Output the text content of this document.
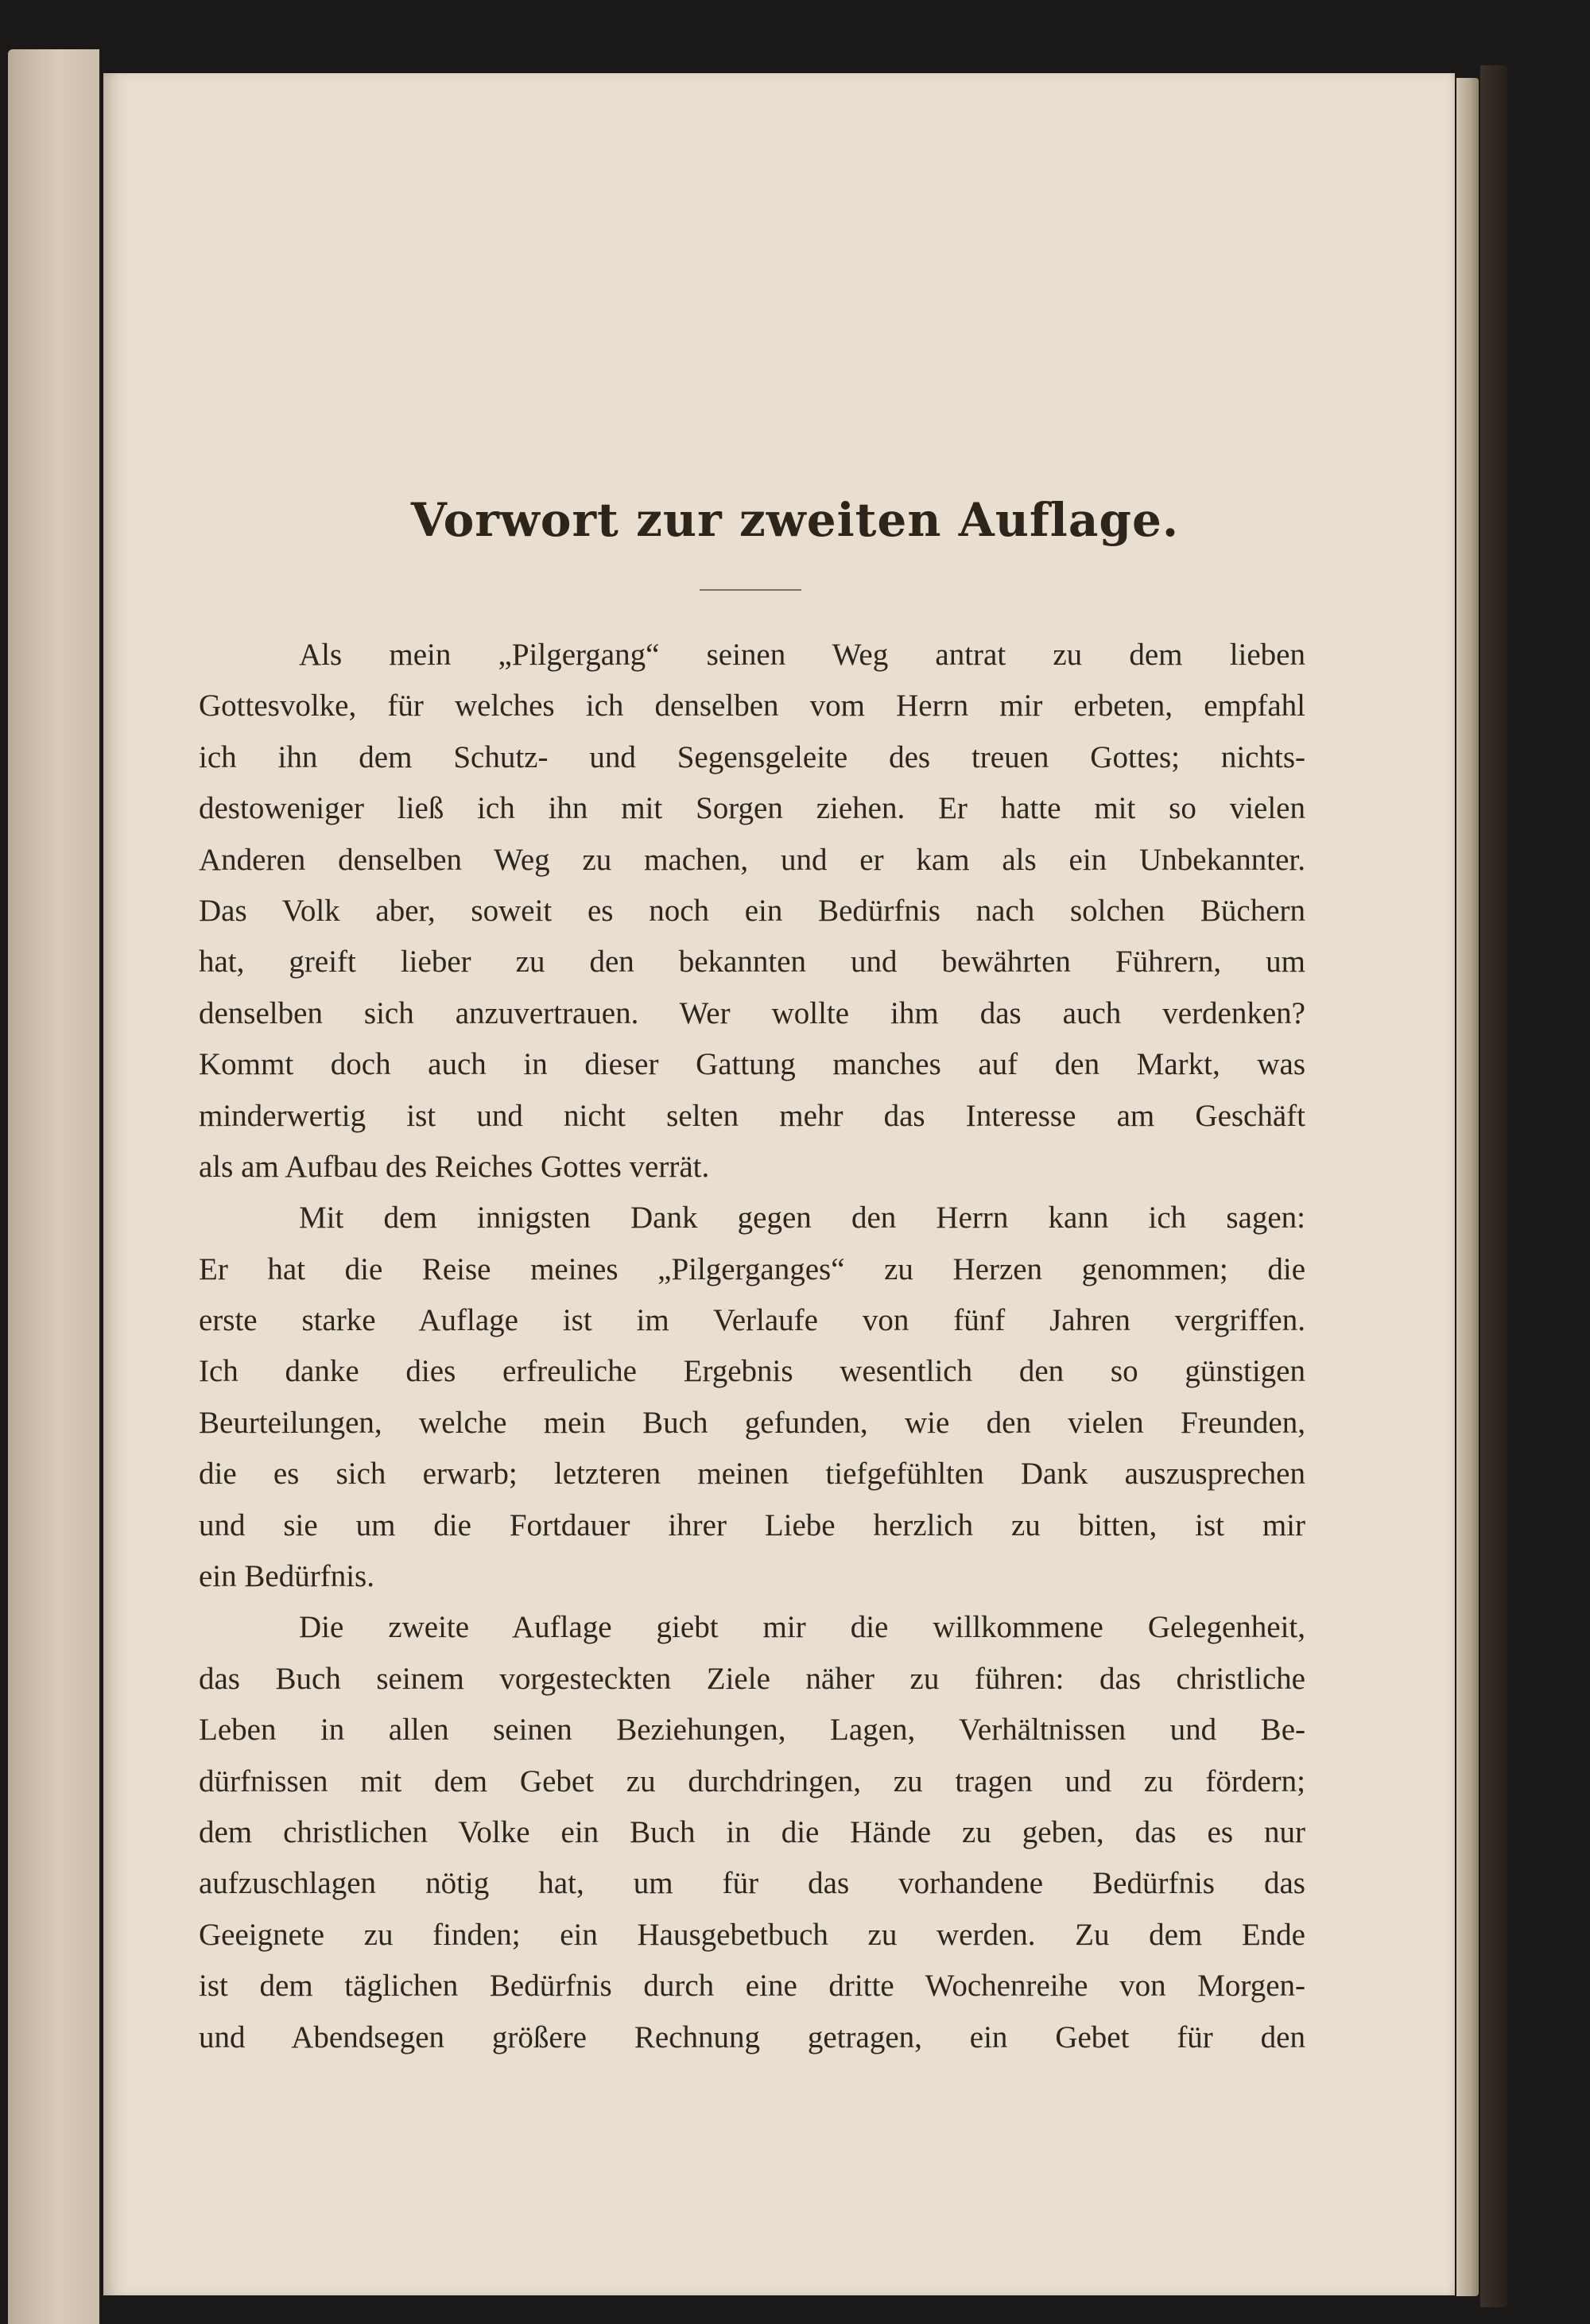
Vorwort zur zweiten Auflage.

Als mein „Pilgergang“ seinen Weg antrat zu dem lieben
Gottesvolke, für welches ich denselben vom Herrn mir erbeten, empfahl
ich ihn dem Schutz- und Segensgeleite des treuen Gottes; nichts-
destoweniger ließ ich ihn mit Sorgen ziehen. Er hatte mit so vielen
Anderen denselben Weg zu machen, und er kam als ein Unbekannter.
Das Volk aber, soweit es noch ein Bedürfnis nach solchen Büchern
hat, greift lieber zu den bekannten und bewährten Führern, um
denselben sich anzuvertrauen. Wer wollte ihm das auch verdenken?
Kommt doch auch in dieser Gattung manches auf den Markt, was
minderwertig ist und nicht selten mehr das Interesse am Geschäft
als am Aufbau des Reiches Gottes verrät.

Mit dem innigsten Dank gegen den Herrn kann ich sagen:
Er hat die Reise meines „Pilgerganges“ zu Herzen genommen; die
erste starke Auflage ist im Verlaufe von fünf Jahren vergriffen.
Ich danke dies erfreuliche Ergebnis wesentlich den so günstigen
Beurteilungen, welche mein Buch gefunden, wie den vielen Freunden,
die es sich erwarb; letzteren meinen tiefgefühlten Dank auszusprechen
und sie um die Fortdauer ihrer Liebe herzlich zu bitten, ist mir
ein Bedürfnis.

Die zweite Auflage giebt mir die willkommene Gelegenheit,
das Buch seinem vorgesteckten Ziele näher zu führen: das christliche
Leben in allen seinen Beziehungen, Lagen, Verhältnissen und Be-
dürfnissen mit dem Gebet zu durchdringen, zu tragen und zu fördern;
dem christlichen Volke ein Buch in die Hände zu geben, das es nur
aufzuschlagen nötig hat, um für das vorhandene Bedürfnis das
Geeignete zu finden; ein Hausgebetbuch zu werden. Zu dem Ende
ist dem täglichen Bedürfnis durch eine dritte Wochenreihe von Morgen-
und Abendsegen größere Rechnung getragen, ein Gebet für den
